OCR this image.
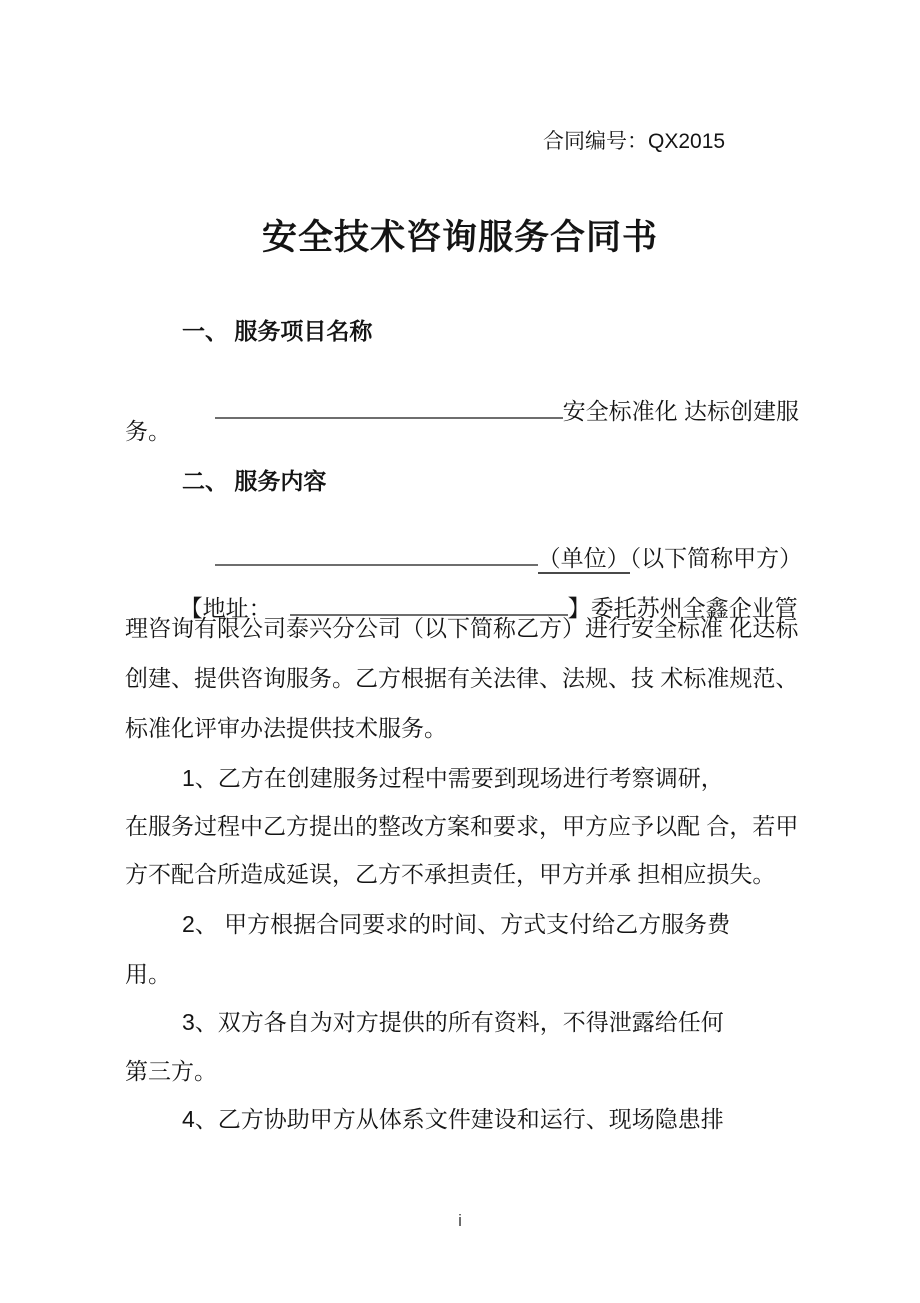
合同编号：QX2015
安全技术咨询服务合同书
一、 服务项目名称

安全标准化 达标创建服

务。
二、 服务内容

（单位）（以下简称甲方）

【地址：	】委托苏州全鑫企业管

理咨询有限公司泰兴分公司（以下简称乙方）进行安全标准 化达标
创建、提供咨询服务。乙方根据有关法律、法规、技 术标准规范、
标准化评审办法提供技术服务。
1、乙方在创建服务过程中需要到现场进行考察调研，
在服务过程中乙方提出的整改方案和要求，甲方应予以配 合，若甲
方不配合所造成延误，乙方不承担责任，甲方并承 担相应损失。
2、 甲方根据合同要求的时间、方式支付给乙方服务费
用。
3、双方各自为对方提供的所有资料，不得泄露给任何
第三方。
4、乙方协助甲方从体系文件建设和运行、现场隐患排
i
